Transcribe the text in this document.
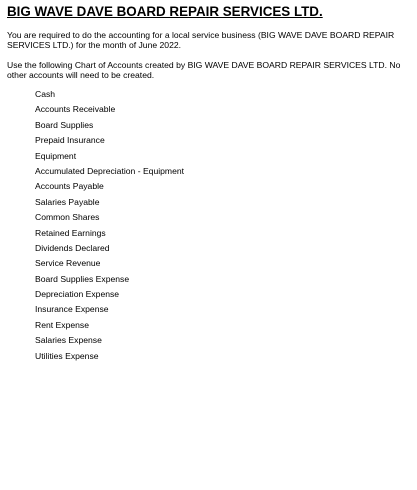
BIG WAVE DAVE BOARD REPAIR SERVICES LTD.

You are required to do the accounting for a local service business (BIG WAVE DAVE BOARD REPAIR SERVICES LTD.) for the month of June 2022.

Use the following Chart of Accounts created by BIG WAVE DAVE BOARD REPAIR SERVICES LTD. No other accounts will need to be created.

Cash
Accounts Receivable
Board Supplies
Prepaid Insurance
Equipment
Accumulated Depreciation - Equipment
Accounts Payable
Salaries Payable
Common Shares
Retained Earnings
Dividends Declared
Service Revenue
Board Supplies Expense
Depreciation Expense
Insurance Expense
Rent Expense
Salaries Expense
Utilities Expense
